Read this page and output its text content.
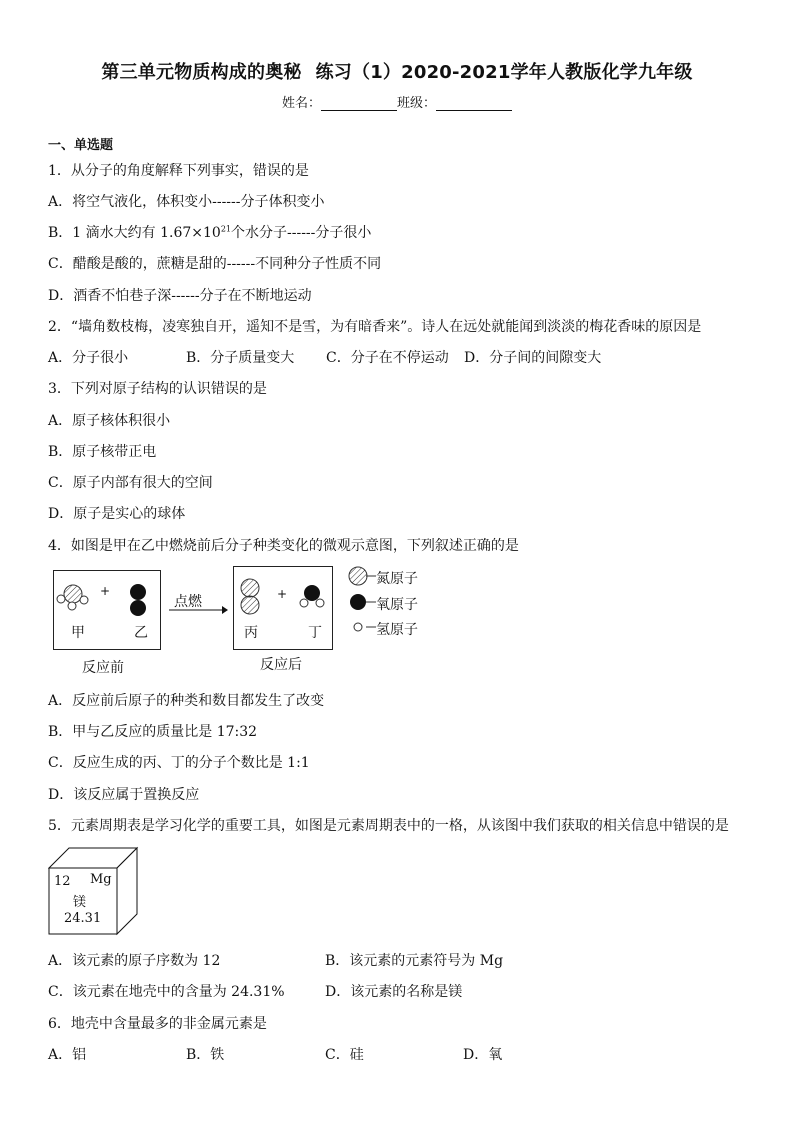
第三单元物质构成的奥秘 练习（1）2020-2021学年人教版化学九年级
姓名：	班级：
一、单选题
1．从分子的角度解释下列事实，错误的是
A．将空气液化，体积变小------分子体积变小
B．1 滴水大约有 $1.67\times 10^{21}$个水分子------分子很小
C．醋酸是酸的，蔗糖是甜的------不同种分子性质不同
D．酒香不怕巷子深------分子在不断地运动
2．“墙角数枝梅，凌寒独自开，遥知不是雪，为有暗香来”。诗人在远处就能闻到淡淡的梅花香味的原因是
A．分子很小	B．分子质量变大 C．分子在不停运动 D．分子间的间隙变大
3．下列对原子结构的认识错误的是
A．原子核体积很小
B．原子核带正电
C．原子内部有很大的空间
D．原子是实心的球体
4．如图是甲在乙中燃烧前后分子种类变化的微观示意图，下列叙述正确的是
+
甲	乙
反应前
点燃	+
丙	丁
反应后
氮原子
氧原子
氢原子
A．反应前后原子的种类和数目都发生了改变
B．甲与乙反应的质量比是 17:32
C．反应生成的丙、丁的分子个数比是 1:1
D．该反应属于置换反应
5．元素周期表是学习化学的重要工具，如图是元素周期表中的一格，从该图中我们获取的相关信息中错误的是
12 Mg
镁
24.31
A．该元素的原子序数为 12	B．该元素的元素符号为 Mg
C．该元素在地壳中的含量为 24.31%	D．该元素的名称是镁
6．地壳中含量最多的非金属元素是
A．铝	B．铁	C．硅	D．氧
